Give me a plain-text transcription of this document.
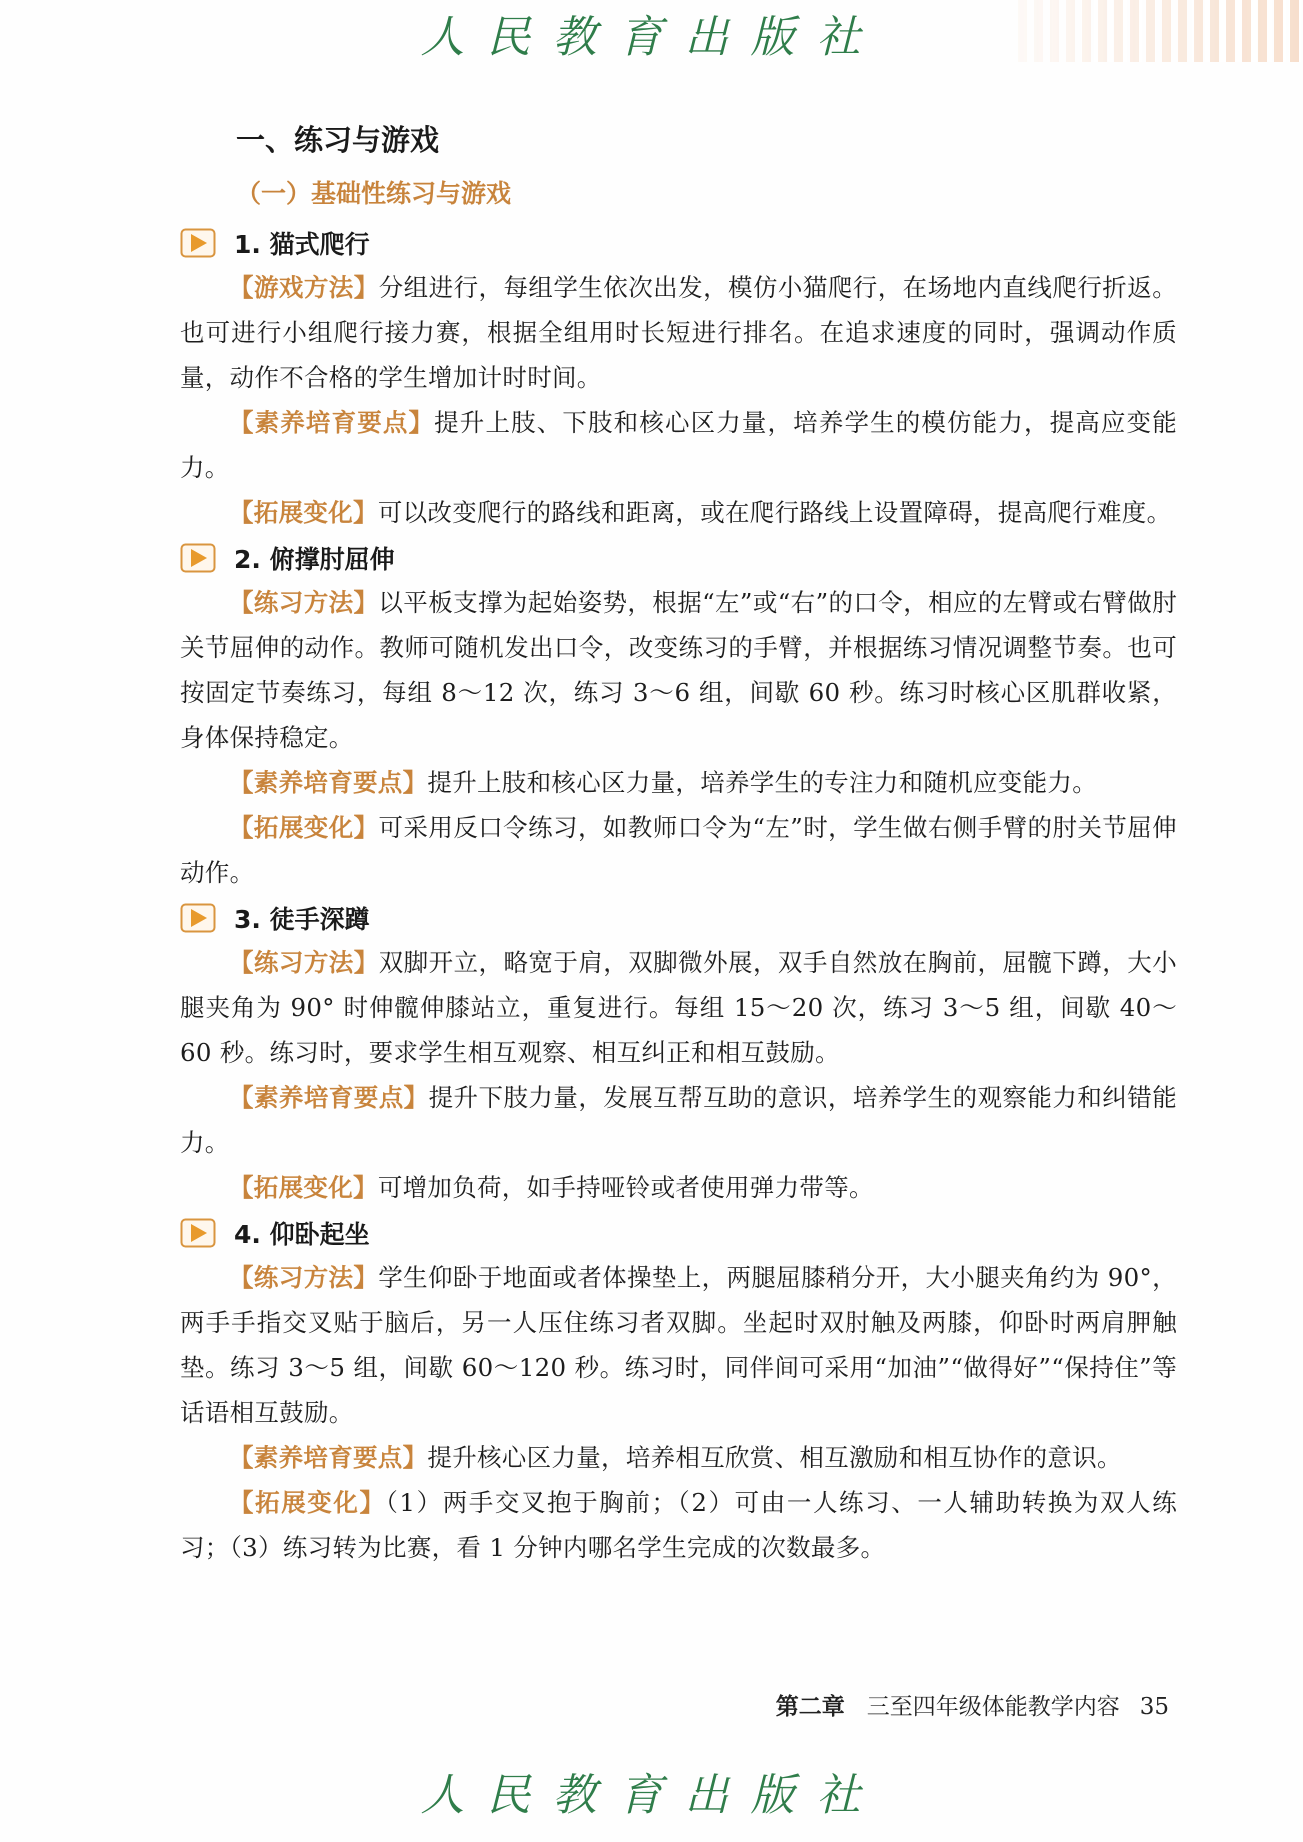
人民教育出版社
一、练习与游戏
（一）基础性练习与游戏
1. 猫式爬行

【游戏方法】分组进行，每组学生依次出发，模仿小猫爬行，在场地内直线爬行折返。也可进行小组爬行接力赛，根据全组用时长短进行排名。在追求速度的同时，强调动作质量，动作不合格的学生增加计时时间。

【素养培育要点】提升上肢、下肢和核心区力量，培养学生的模仿能力，提高应变能力。

【拓展变化】可以改变爬行的路线和距离，或在爬行路线上设置障碍，提高爬行难度。

2. 俯撑肘屈伸

【练习方法】以平板支撑为起始姿势，根据“左”或“右”的口令，相应的左臂或右臂做肘关节屈伸的动作。教师可随机发出口令，改变练习的手臂，并根据练习情况调整节奏。也可按固定节奏练习，每组 8～12 次，练习 3～6 组，间歇 60 秒。练习时核心区肌群收紧，身体保持稳定。

【素养培育要点】提升上肢和核心区力量，培养学生的专注力和随机应变能力。

【拓展变化】可采用反口令练习，如教师口令为“左”时，学生做右侧手臂的肘关节屈伸动作。

3. 徒手深蹲

【练习方法】双脚开立，略宽于肩，双脚微外展，双手自然放在胸前，屈髋下蹲，大小腿夹角为 90° 时伸髋伸膝站立，重复进行。每组 15～20 次，练习 3～5 组，间歇 40～60 秒。练习时，要求学生相互观察、相互纠正和相互鼓励。

【素养培育要点】提升下肢力量，发展互帮互助的意识，培养学生的观察能力和纠错能力。

【拓展变化】可增加负荷，如手持哑铃或者使用弹力带等。

4. 仰卧起坐

【练习方法】学生仰卧于地面或者体操垫上，两腿屈膝稍分开，大小腿夹角约为 90°，两手手指交叉贴于脑后，另一人压住练习者双脚。坐起时双肘触及两膝，仰卧时两肩胛触垫。练习 3～5 组，间歇 60～120 秒。练习时，同伴间可采用“加油”“做得好”“保持住”等话语相互鼓励。

【素养培育要点】提升核心区力量，培养相互欣赏、相互激励和相互协作的意识。

【拓展变化】（1）两手交叉抱于胸前；（2）可由一人练习、一人辅助转换为双人练习；（3）练习转为比赛，看 1 分钟内哪名学生完成的次数最多。

第二章 三至四年级体能教学内容 35
人民教育出版社
